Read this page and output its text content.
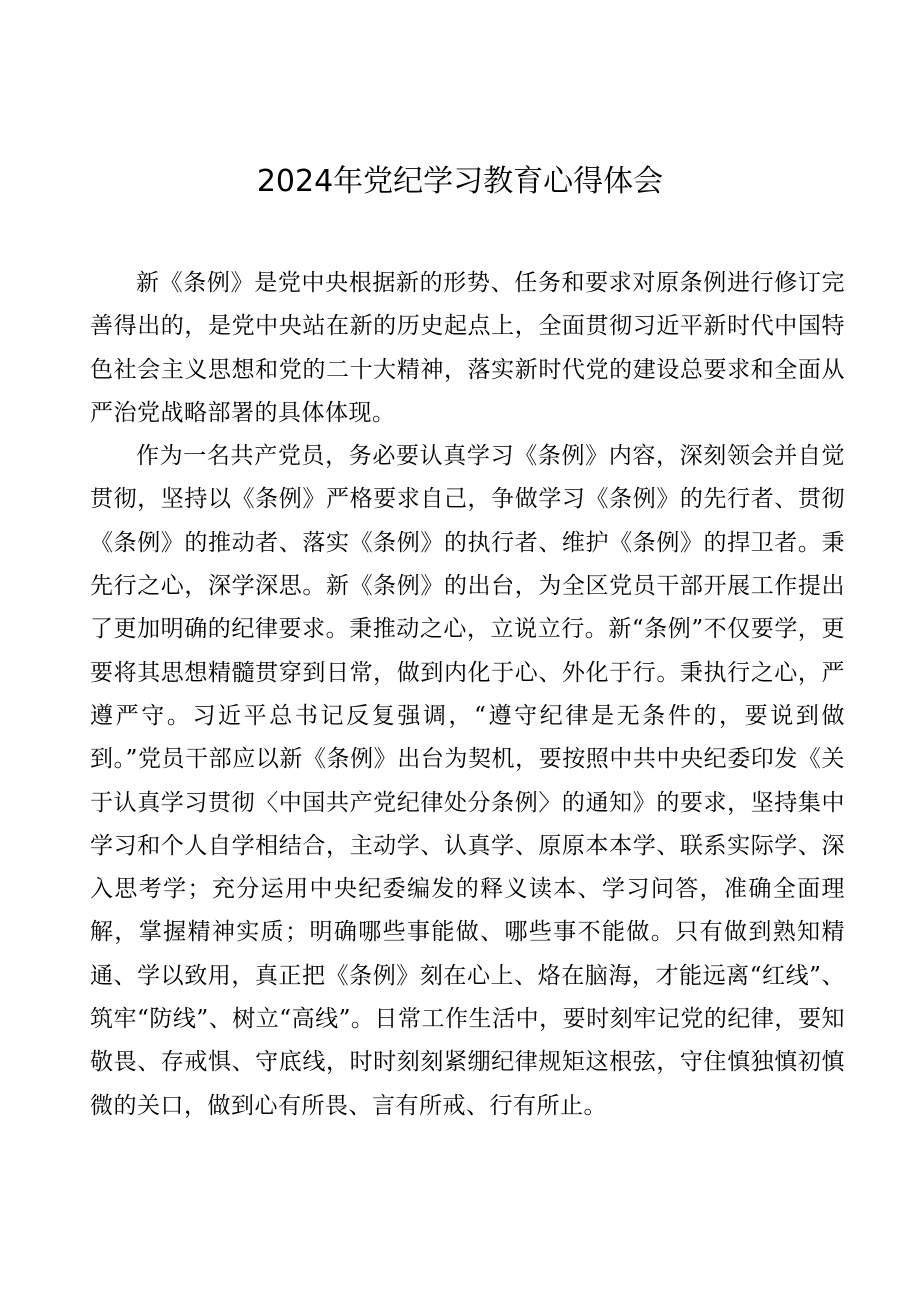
2024年党纪学习教育心得体会

新《条例》是党中央根据新的形势、任务和要求对原条例进行修订完善得出的，是党中央站在新的历史起点上，全面贯彻习近平新时代中国特色社会主义思想和党的二十大精神，落实新时代党的建设总要求和全面从严治党战略部署的具体体现。

作为一名共产党员，务必要认真学习《条例》内容，深刻领会并自觉贯彻，坚持以《条例》严格要求自己，争做学习《条例》的先行者、贯彻《条例》的推动者、落实《条例》的执行者、维护《条例》的捍卫者。秉先行之心，深学深思。新《条例》的出台，为全区党员干部开展工作提出了更加明确的纪律要求。秉推动之心，立说立行。新“条例”不仅要学，更要将其思想精髓贯穿到日常，做到内化于心、外化于行。秉执行之心，严遵严守。习近平总书记反复强调，“遵守纪律是无条件的，要说到做到。”党员干部应以新《条例》出台为契机，要按照中共中央纪委印发《关于认真学习贯彻〈中国共产党纪律处分条例〉的通知》的要求，坚持集中学习和个人自学相结合，主动学、认真学、原原本本学、联系实际学、深入思考学；充分运用中央纪委编发的释义读本、学习问答，准确全面理解，掌握精神实质；明确哪些事能做、哪些事不能做。只有做到熟知精通、学以致用，真正把《条例》刻在心上、烙在脑海，才能远离“红线”、筑牢“防线”、树立“高线”。日常工作生活中，要时刻牢记党的纪律，要知敬畏、存戒惧、守底线，时时刻刻紧绷纪律规矩这根弦，守住慎独慎初慎微的关口，做到心有所畏、言有所戒、行有所止。
